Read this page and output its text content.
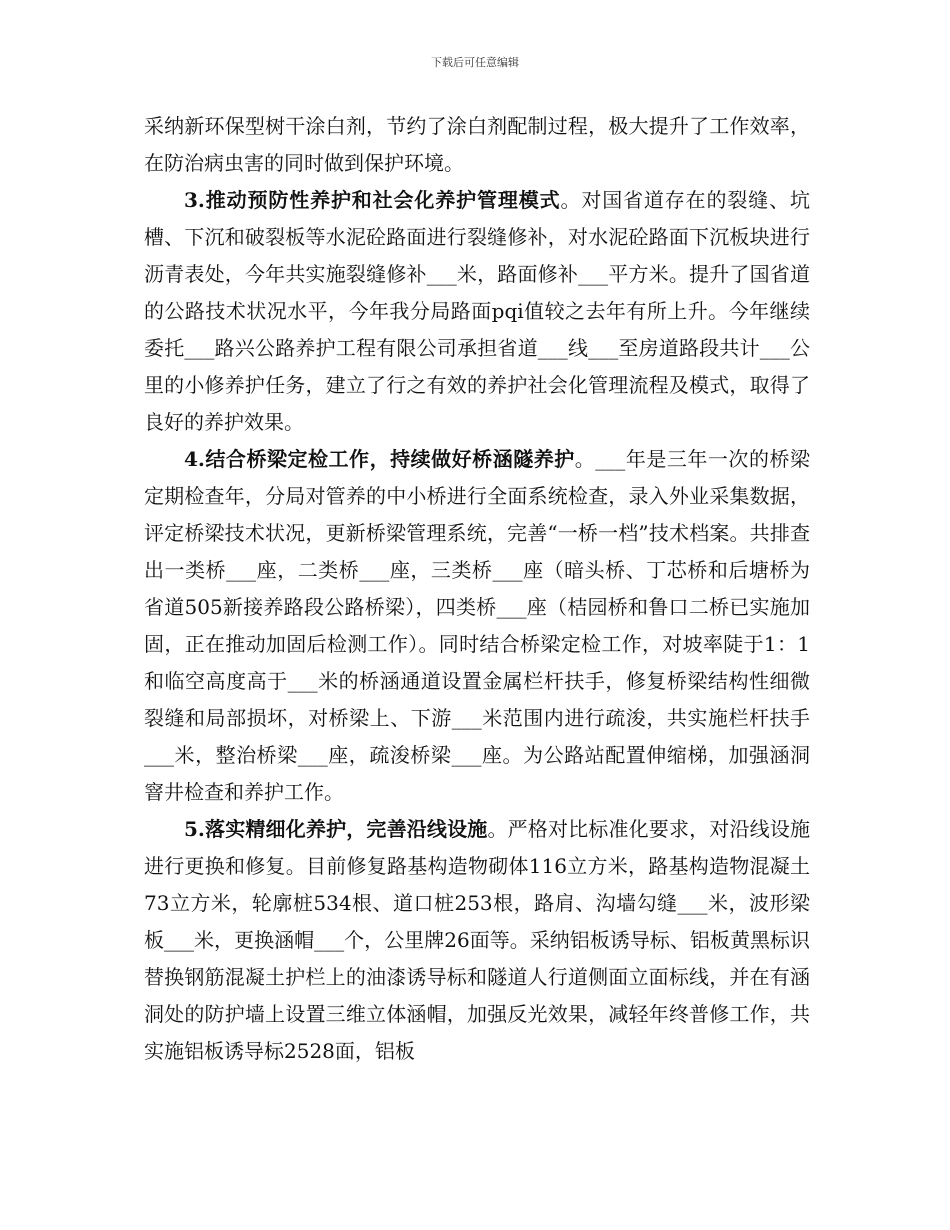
下载后可任意编辑

采纳新环保型树干涂白剂，节约了涂白剂配制过程，极大提升了工作效率，在防治病虫害的同时做到保护环境。

3.推动预防性养护和社会化养护管理模式。对国省道存在的裂缝、坑槽、下沉和破裂板等水泥砼路面进行裂缝修补，对水泥砼路面下沉板块进行沥青表处，今年共实施裂缝修补___米，路面修补___平方米。提升了国省道的公路技术状况水平，今年我分局路面pqi值较之去年有所上升。今年继续委托___路兴公路养护工程有限公司承担省道___线___至房道路段共计___公里的小修养护任务，建立了行之有效的养护社会化管理流程及模式，取得了良好的养护效果。

4.结合桥梁定检工作，持续做好桥涵隧养护。___年是三年一次的桥梁定期检查年，分局对管养的中小桥进行全面系统检查，录入外业采集数据，评定桥梁技术状况，更新桥梁管理系统，完善“一桥一档”技术档案。共排查出一类桥___座，二类桥___座，三类桥___座（暗头桥、丁芯桥和后塘桥为省道505新接养路段公路桥梁），四类桥___座（桔园桥和鲁口二桥已实施加固，正在推动加固后检测工作）。同时结合桥梁定检工作，对坡率陡于1：1和临空高度高于___米的桥涵通道设置金属栏杆扶手，修复桥梁结构性细微裂缝和局部损坏，对桥梁上、下游___米范围内进行疏浚，共实施栏杆扶手___米，整治桥梁___座，疏浚桥梁___座。为公路站配置伸缩梯，加强涵洞窨井检查和养护工作。

5.落实精细化养护，完善沿线设施。严格对比标准化要求，对沿线设施进行更换和修复。目前修复路基构造物砌体116立方米，路基构造物混凝土73立方米，轮廓桩534根、道口桩253根，路肩、沟墙勾缝___米，波形梁板___米，更换涵帽___个，公里牌26面等。采纳铝板诱导标、铝板黄黑标识替换钢筋混凝土护栏上的油漆诱导标和隧道人行道侧面立面标线，并在有涵洞处的防护墙上设置三维立体涵帽，加强反光效果，减轻年终普修工作，共实施铝板诱导标2528面，铝板
